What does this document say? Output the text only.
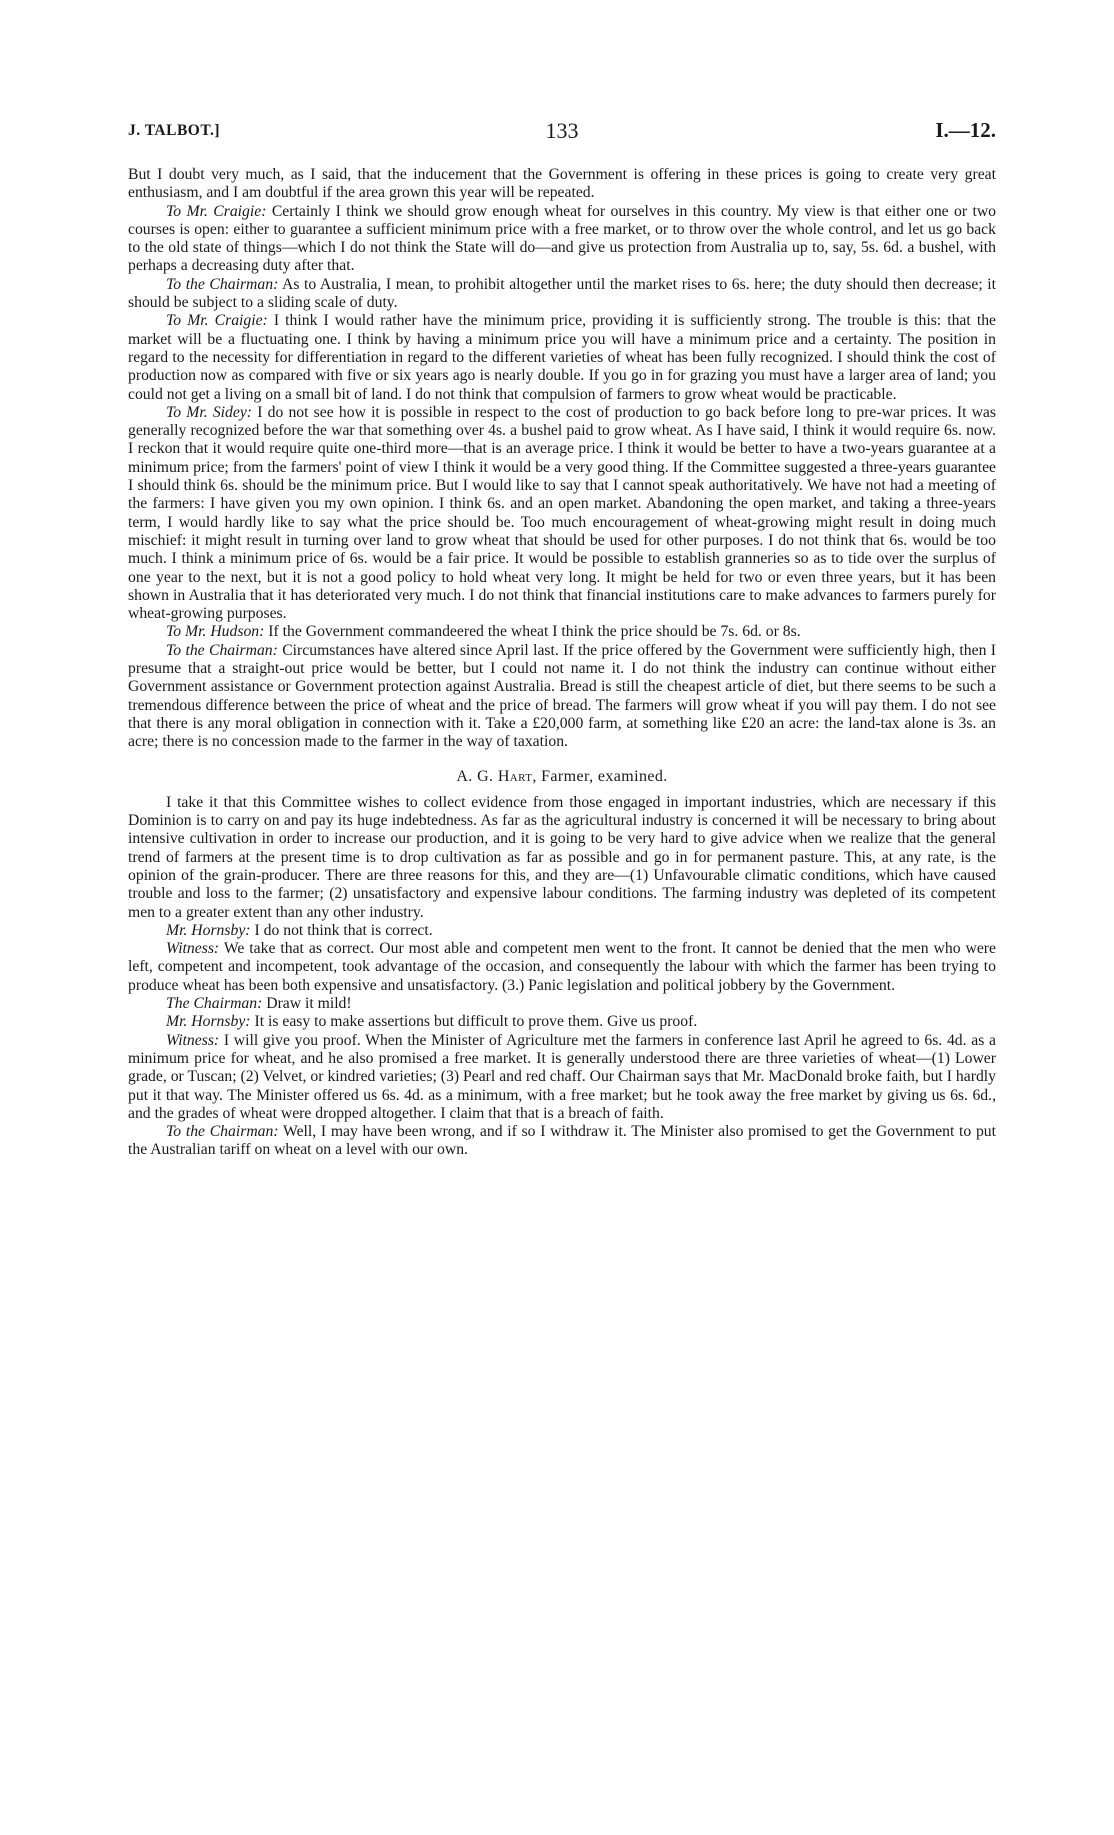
J. TALBOT.]	133	I.—12.

But I doubt very much, as I said, that the inducement that the Government is offering in these prices is going to create very great enthusiasm, and I am doubtful if the area grown this year will be repeated.

To Mr. Craigie: Certainly I think we should grow enough wheat for ourselves in this country. My view is that either one or two courses is open: either to guarantee a sufficient minimum price with a free market, or to throw over the whole control, and let us go back to the old state of things—which I do not think the State will do—and give us protection from Australia up to, say, 5s. 6d. a bushel, with perhaps a decreasing duty after that.

To the Chairman: As to Australia, I mean, to prohibit altogether until the market rises to 6s. here; the duty should then decrease; it should be subject to a sliding scale of duty.

To Mr. Craigie: I think I would rather have the minimum price, providing it is sufficiently strong. The trouble is this: that the market will be a fluctuating one. I think by having a minimum price you will have a minimum price and a certainty. The position in regard to the necessity for differentiation in regard to the different varieties of wheat has been fully recognized. I should think the cost of production now as compared with five or six years ago is nearly double. If you go in for grazing you must have a larger area of land; you could not get a living on a small bit of land. I do not think that compulsion of farmers to grow wheat would be practicable.

To Mr. Sidey: I do not see how it is possible in respect to the cost of production to go back before long to pre-war prices. It was generally recognized before the war that something over 4s. a bushel paid to grow wheat. As I have said, I think it would require 6s. now. I reckon that it would require quite one-third more—that is an average price. I think it would be better to have a two-years guarantee at a minimum price; from the farmers' point of view I think it would be a very good thing. If the Committee suggested a three-years guarantee I should think 6s. should be the minimum price. But I would like to say that I cannot speak authoritatively. We have not had a meeting of the farmers: I have given you my own opinion. I think 6s. and an open market. Abandoning the open market, and taking a three-years term, I would hardly like to say what the price should be. Too much encouragement of wheat-growing might result in doing much mischief: it might result in turning over land to grow wheat that should be used for other purposes. I do not think that 6s. would be too much. I think a minimum price of 6s. would be a fair price. It would be possible to establish granneries so as to tide over the surplus of one year to the next, but it is not a good policy to hold wheat very long. It might be held for two or even three years, but it has been shown in Australia that it has deteriorated very much. I do not think that financial institutions care to make advances to farmers purely for wheat-growing purposes.

To Mr. Hudson: If the Government commandeered the wheat I think the price should be 7s. 6d. or 8s.

To the Chairman: Circumstances have altered since April last. If the price offered by the Government were sufficiently high, then I presume that a straight-out price would be better, but I could not name it. I do not think the industry can continue without either Government assistance or Government protection against Australia. Bread is still the cheapest article of diet, but there seems to be such a tremendous difference between the price of wheat and the price of bread. The farmers will grow wheat if you will pay them. I do not see that there is any moral obligation in connection with it. Take a £20,000 farm, at something like £20 an acre: the land-tax alone is 3s. an acre; there is no concession made to the farmer in the way of taxation.

A. G. Hart, Farmer, examined.

I take it that this Committee wishes to collect evidence from those engaged in important industries, which are necessary if this Dominion is to carry on and pay its huge indebtedness. As far as the agricultural industry is concerned it will be necessary to bring about intensive cultivation in order to increase our production, and it is going to be very hard to give advice when we realize that the general trend of farmers at the present time is to drop cultivation as far as possible and go in for permanent pasture. This, at any rate, is the opinion of the grain-producer. There are three reasons for this, and they are—(1) Unfavourable climatic conditions, which have caused trouble and loss to the farmer; (2) unsatisfactory and expensive labour conditions. The farming industry was depleted of its competent men to a greater extent than any other industry.

Mr. Hornsby: I do not think that is correct.

Witness: We take that as correct. Our most able and competent men went to the front. It cannot be denied that the men who were left, competent and incompetent, took advantage of the occasion, and consequently the labour with which the farmer has been trying to produce wheat has been both expensive and unsatisfactory. (3.) Panic legislation and political jobbery by the Government.

The Chairman: Draw it mild!

Mr. Hornsby: It is easy to make assertions but difficult to prove them. Give us proof.

Witness: I will give you proof. When the Minister of Agriculture met the farmers in conference last April he agreed to 6s. 4d. as a minimum price for wheat, and he also promised a free market. It is generally understood there are three varieties of wheat—(1) Lower grade, or Tuscan; (2) Velvet, or kindred varieties; (3) Pearl and red chaff. Our Chairman says that Mr. MacDonald broke faith, but I hardly put it that way. The Minister offered us 6s. 4d. as a minimum, with a free market; but he took away the free market by giving us 6s. 6d., and the grades of wheat were dropped altogether. I claim that that is a breach of faith.

To the Chairman: Well, I may have been wrong, and if so I withdraw it. The Minister also promised to get the Government to put the Australian tariff on wheat on a level with our own.
